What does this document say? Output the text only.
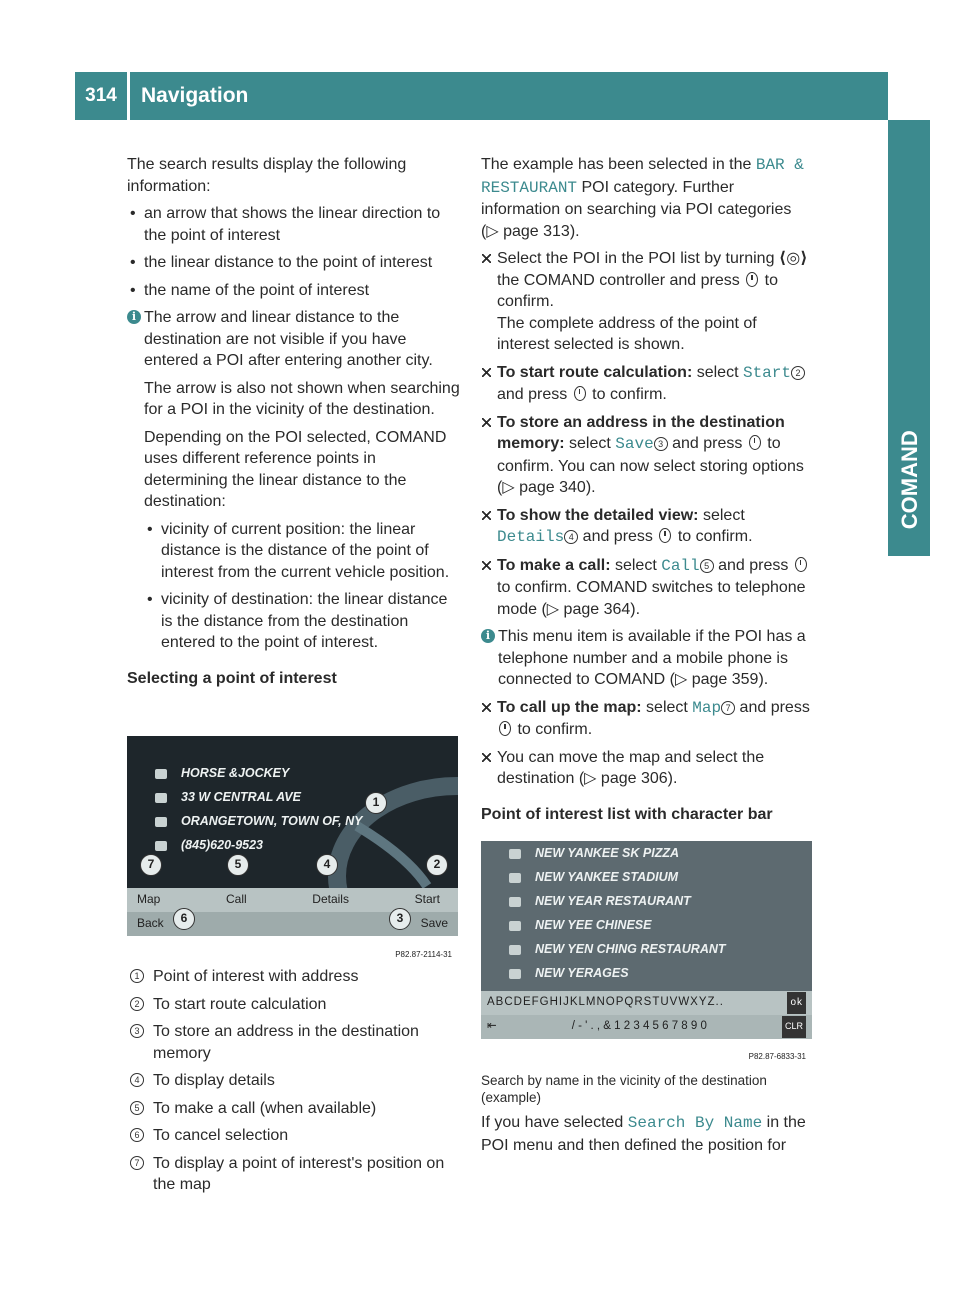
314	Navigation
COMAND

The search results display the following information:

• an arrow that shows the linear direction to the point of interest

• the linear distance to the point of interest

• the name of the point of interest

i The arrow and linear distance to the destination are not visible if you have entered a POI after entering another city.

The arrow is also not shown when searching for a POI in the vicinity of the destination.

Depending on the POI selected, COMAND uses different reference points in determining the linear distance to the destination:

• vicinity of current position: the linear distance is the distance of the point of interest from the current vehicle position.

• vicinity of destination: the linear distance is the distance from the destination entered to the point of interest.

Selecting a point of interest

HORSE &JOCKEY
33 W CENTRAL AVE
ORANGETOWN, TOWN OF, NY
(845)620-9523
Map	Call	Details	Start
Back	Save
1
2
3
4
5
6
7
P82.87-2114-31

1 Point of interest with address

2 To start route calculation

3 To store an address in the destination memory

4 To display details

5 To make a call (when available)

6 To cancel selection

7 To display a point of interest's position on the map

The example has been selected in the BAR & RESTAURANT POI category. Further information on searching via POI categories (▷ page 313).

Select the POI in the POI list by turning ⟨◎⟩ the COMAND controller and press  to confirm.

The complete address of the point of interest selected is shown.

To start route calculation: select Start 2 and press  to confirm.

To store an address in the destination memory: select Save 3 and press  to confirm. You can now select storing options (▷ page 340).

To show the detailed view: select Details 4 and press  to confirm.

To make a call: select Call 5 and press  to confirm. COMAND switches to telephone mode (▷ page 364).

i This menu item is available if the POI has a telephone number and a mobile phone is connected to COMAND (▷ page 359).

To call up the map: select Map 7 and press  to confirm.

You can move the map and select the destination (▷ page 306).

Point of interest list with character bar

NEW YANKEE SK PIZZA
NEW YANKEE STADIUM
NEW YEAR RESTAURANT
NEW YEE CHINESE
NEW YEN CHING RESTAURANT
NEW YERAGES
ABCDEFGHIJKLMNOPQRSTUVWXYZ..	ok
⇤	/ - ' . , & 1 2 3 4 5 6 7 8 9 0	CLR
P82.87-6833-31

Search by name in the vicinity of the destination (example)

If you have selected Search By Name in the POI menu and then defined the position for
